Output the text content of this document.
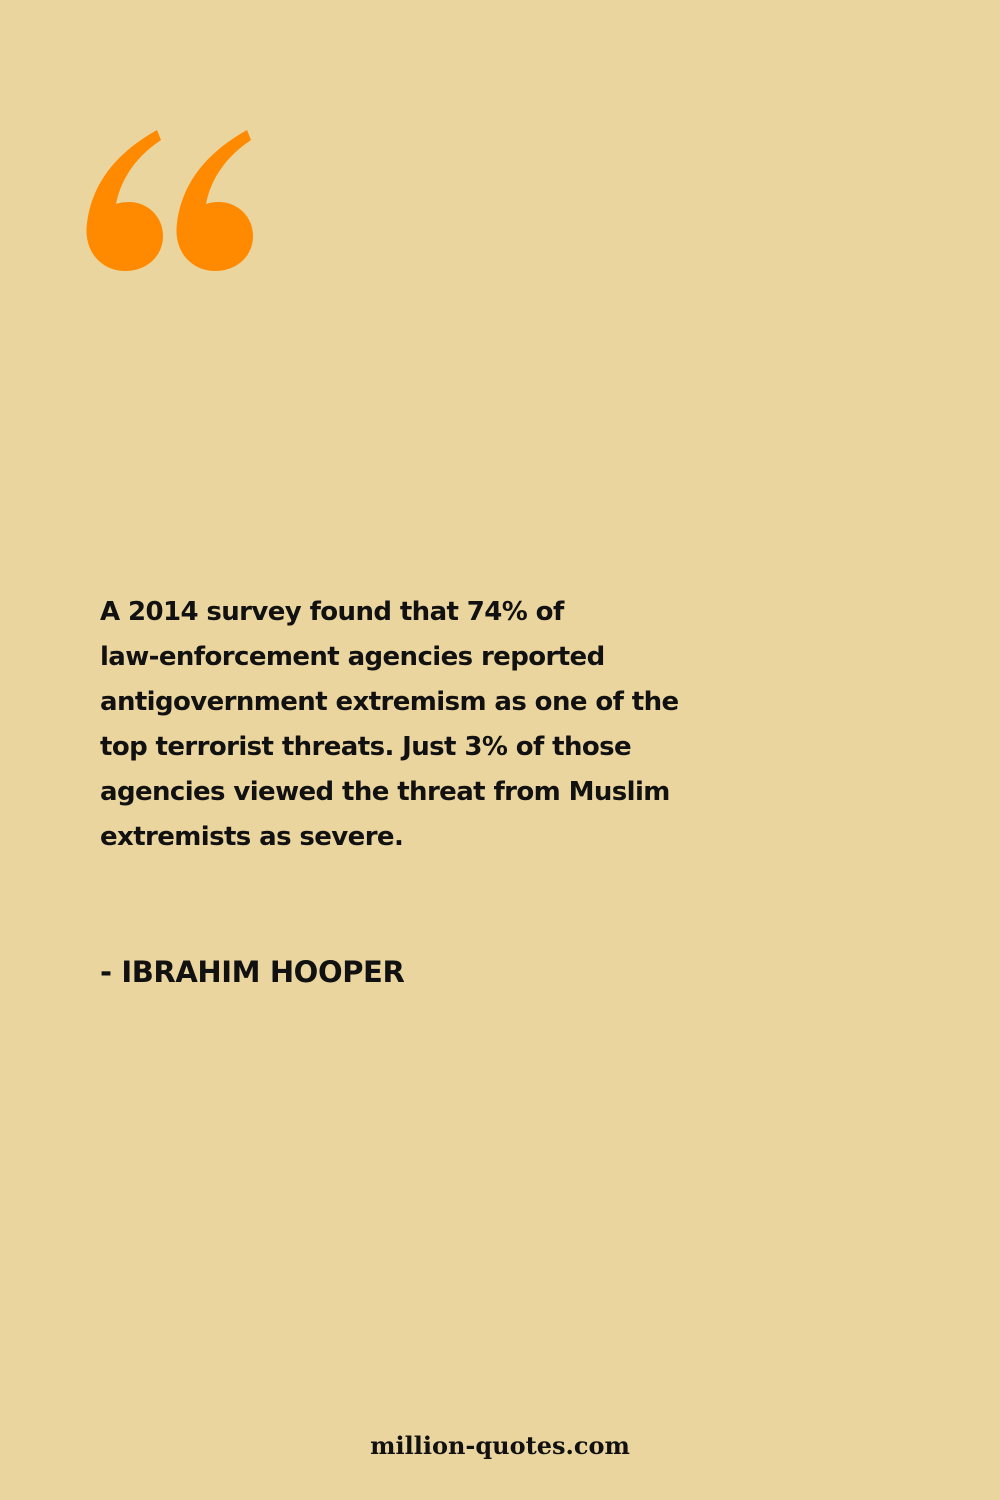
A 2014 survey found that 74% of
law-enforcement agencies reported
antigovernment extremism as one of the
top terrorist threats. Just 3% of those
agencies viewed the threat from Muslim
extremists as severe.

- IBRAHIM HOOPER

million-quotes.com
